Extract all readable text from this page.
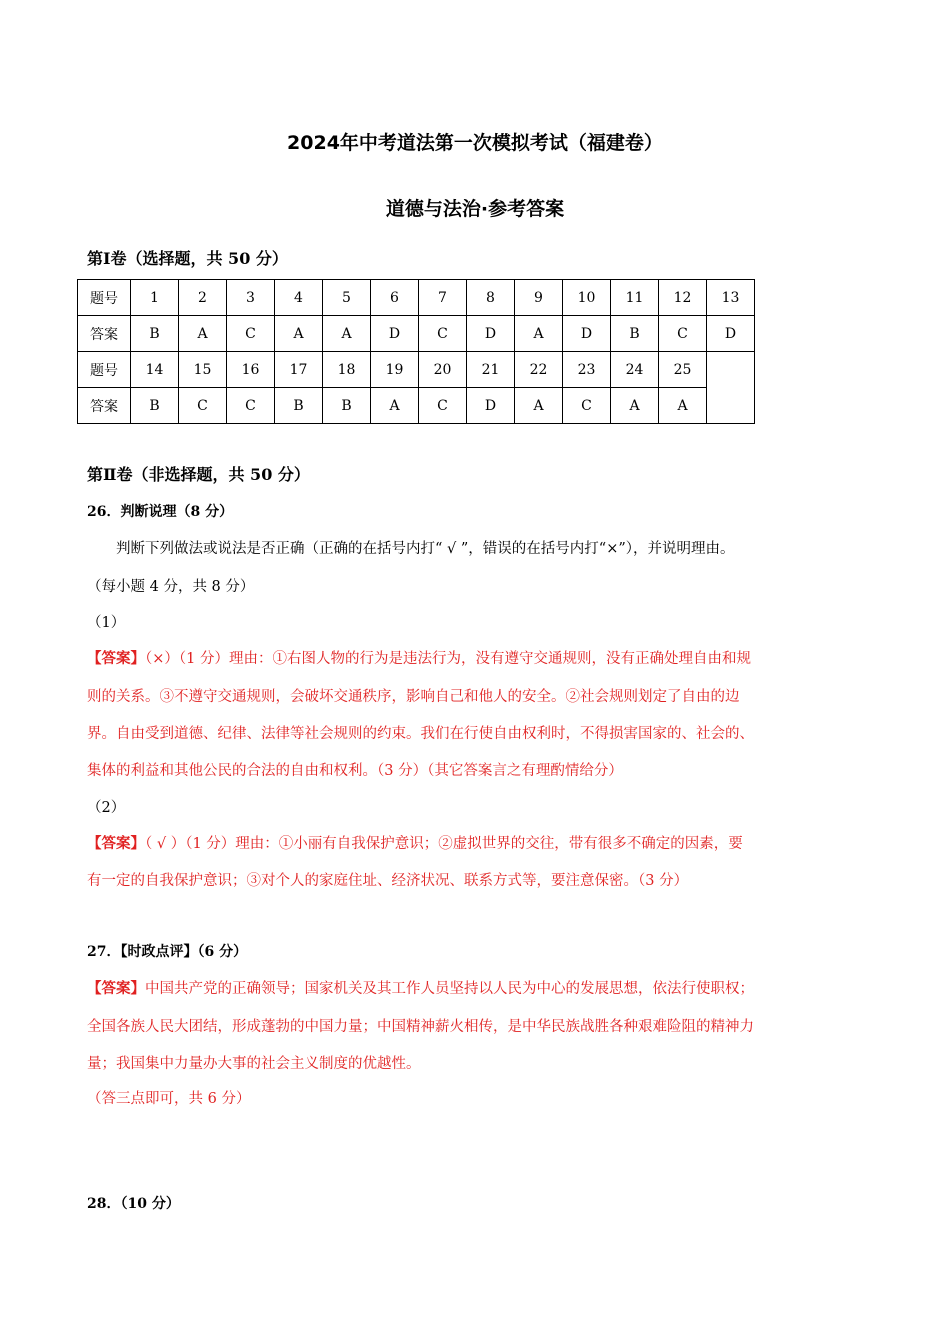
2024年中考道法第一次模拟考试（福建卷）
道德与法治·参考答案
第Ⅰ卷（选择题，共 50 分）
题号	1	2	3	4	5	6	7	8	9	10	11	12	13
答案	B	A	C	A	A	D	C	D	A	D	B	C	D
题号	14	15	16	17	18	19	20	21	22	23	24	25	
答案	B	C	C	B	B	A	C	D	A	C	A	A	
第Ⅱ卷（非选择题，共 50 分）
26．判断说理（8 分）
判断下列做法或说法是否正确（正确的在括号内打“ √ ”，错误的在括号内打“×”），并说明理由。
（每小题 4 分，共 8 分）
（1）
【答案】（×）（1 分）理由：①右图人物的行为是违法行为，没有遵守交通规则，没有正确处理自由和规
则的关系。③不遵守交通规则，会破坏交通秩序，影响自己和他人的安全。②社会规则划定了自由的边
界。自由受到道德、纪律、法律等社会规则的约束。我们在行使自由权利时，不得损害国家的、社会的、
集体的利益和其他公民的合法的自由和权利。（3 分）（其它答案言之有理酌情给分）
（2）
【答案】（ √ ）（1 分）理由：①小丽有自我保护意识；②虚拟世界的交往，带有很多不确定的因素，要
有一定的自我保护意识；③对个人的家庭住址、经济状况、联系方式等，要注意保密。（3 分）
27．【时政点评】（6 分）
【答案】中国共产党的正确领导；国家机关及其工作人员坚持以人民为中心的发展思想，依法行使职权；
全国各族人民大团结，形成蓬勃的中国力量；中国精神薪火相传，是中华民族战胜各种艰难险阻的精神力
量；我国集中力量办大事的社会主义制度的优越性。
（答三点即可，共 6 分）
28．（10 分）
